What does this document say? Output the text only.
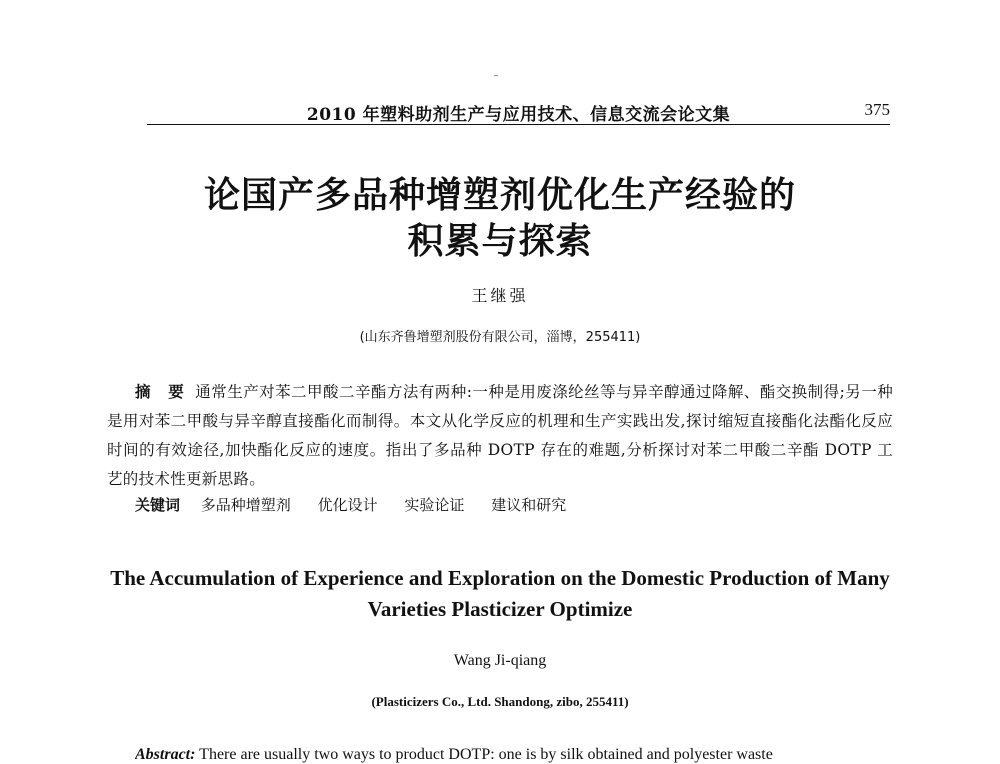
2010 年塑料助剂生产与应用技术、信息交流会论文集	375
论国产多品种增塑剂优化生产经验的
积累与探索
王继强
(山东齐鲁增塑剂股份有限公司，淄博，255411)
摘 要 通常生产对苯二甲酸二辛酯方法有两种:一种是用废涤纶丝等与异辛醇通过降解、酯交换制得;另一种是用对苯二甲酸与异辛醇直接酯化而制得。本文从化学反应的机理和生产实践出发,探讨缩短直接酯化法酯化反应时间的有效途径,加快酯化反应的速度。指出了多品种 DOTP 存在的难题,分析探讨对苯二甲酸二辛酯 DOTP 工艺的技术性更新思路。
关键词 多品种增塑剂 优化设计 实验论证 建议和研究
The Accumulation of Experience and Exploration on the Domestic Production of Many
Varieties Plasticizer Optimize
Wang Ji-qiang
(Plasticizers Co., Ltd. Shandong, zibo, 255411)
Abstract: There are usually two ways to product DOTP: one is by silk obtained and polyester waste
